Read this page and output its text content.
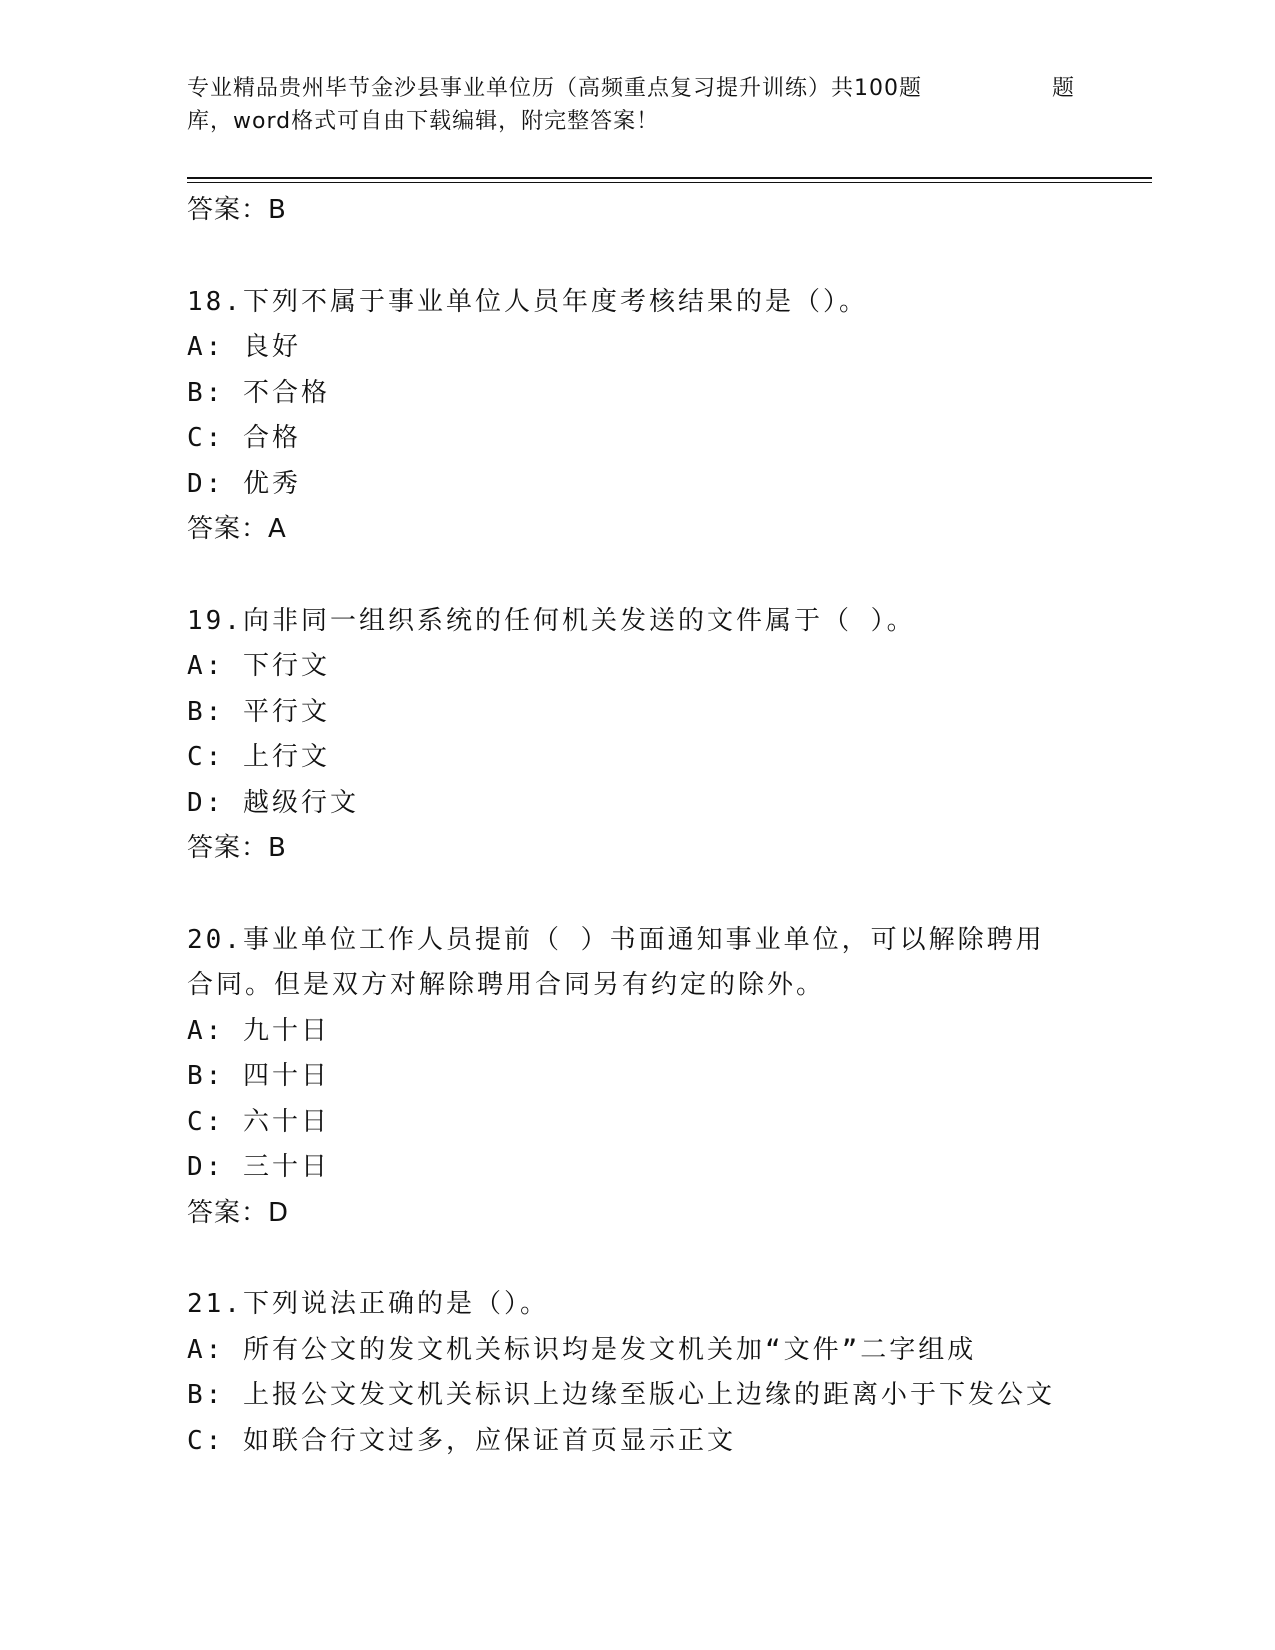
专业精品贵州毕节金沙县事业单位历（高频重点复习提升训练）共100题	题
库，word格式可自由下载编辑，附完整答案！
答案：B
18.下列不属于事业单位人员年度考核结果的是（）。
A: 良好
B: 不合格
C: 合格
D: 优秀
答案：A
19.向非同一组织系统的任何机关发送的文件属于（ ）。
A: 下行文
B: 平行文
C: 上行文
D: 越级行文
答案：B
20.事业单位工作人员提前（ ）书面通知事业单位，可以解除聘用
合同。但是双方对解除聘用合同另有约定的除外。
A: 九十日
B: 四十日
C: 六十日
D: 三十日
答案：D
21.下列说法正确的是（）。
A: 所有公文的发文机关标识均是发文机关加“文件”二字组成
B: 上报公文发文机关标识上边缘至版心上边缘的距离小于下发公文
C: 如联合行文过多，应保证首页显示正文
